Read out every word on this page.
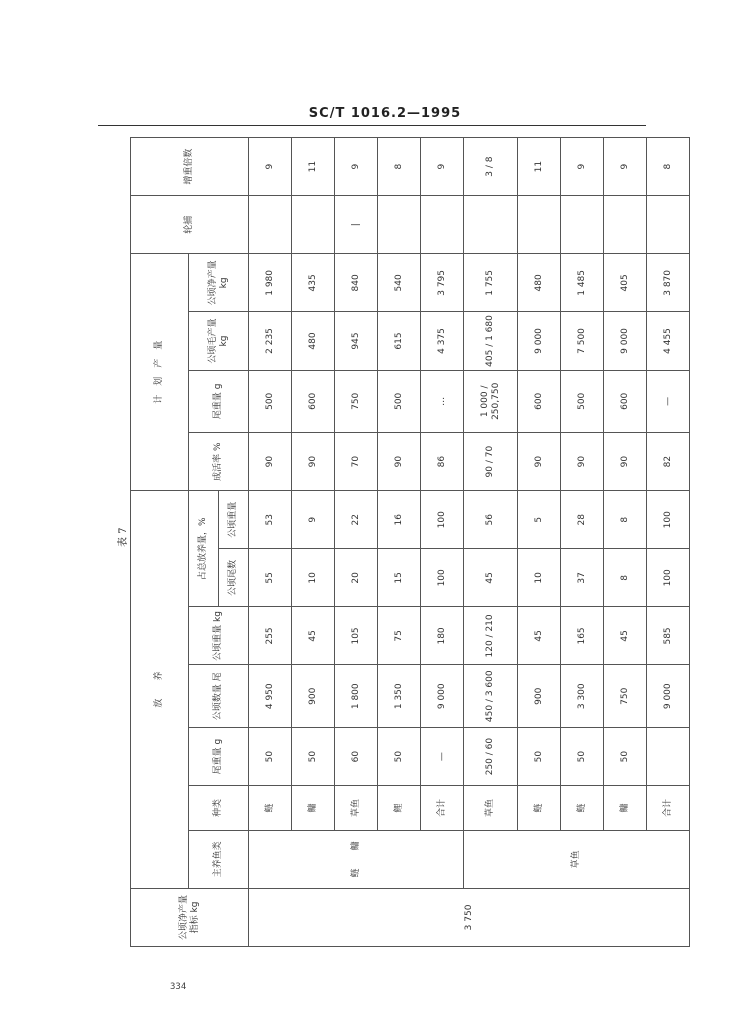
SC/T 1016.2—1995
表 7
公顷净产量指标 kg	放　　养							计　划　产　量				轮捕	增重倍数
	主养鱼类	种类	尾重量 g	公顷数量 尾	公顷重量 kg	占总放养量，%		成活率 %	尾重量 g	公顷毛产量 kg	公顷净产量 kg		
						公顷尾数	公顷重量						
3 750	鲢　　鳙	鲢	50	4 950	255	55	53	90	500	2 235	1 980		9
		鳙	50	900	45	10	9	90	600	480	435		11
		草鱼	60	1 800	105	20	22	70	750	945	840	|	9
		鲤	50	1 350	75	15	16	90	500	615	540		8
		合计	—	9 000	180	100	100	86	…	4 375	3 795		9
	草鱼	草鱼	250 / 60	450 / 3 600	120 / 210	45	56	90 / 70	1 000 / 250,750	405 / 1 680	1 755		3 / 8
		鲢	50	900	45	10	5	90	600	9 000	480		11
		鲢	50	3 300	165	37	28	90	500	7 500	1 485		9
		鳙	50	750	45	8	8	90	600	9 000	405		9
		合计		9 000	585	100	100	82	—	4 455	3 870		8
334
